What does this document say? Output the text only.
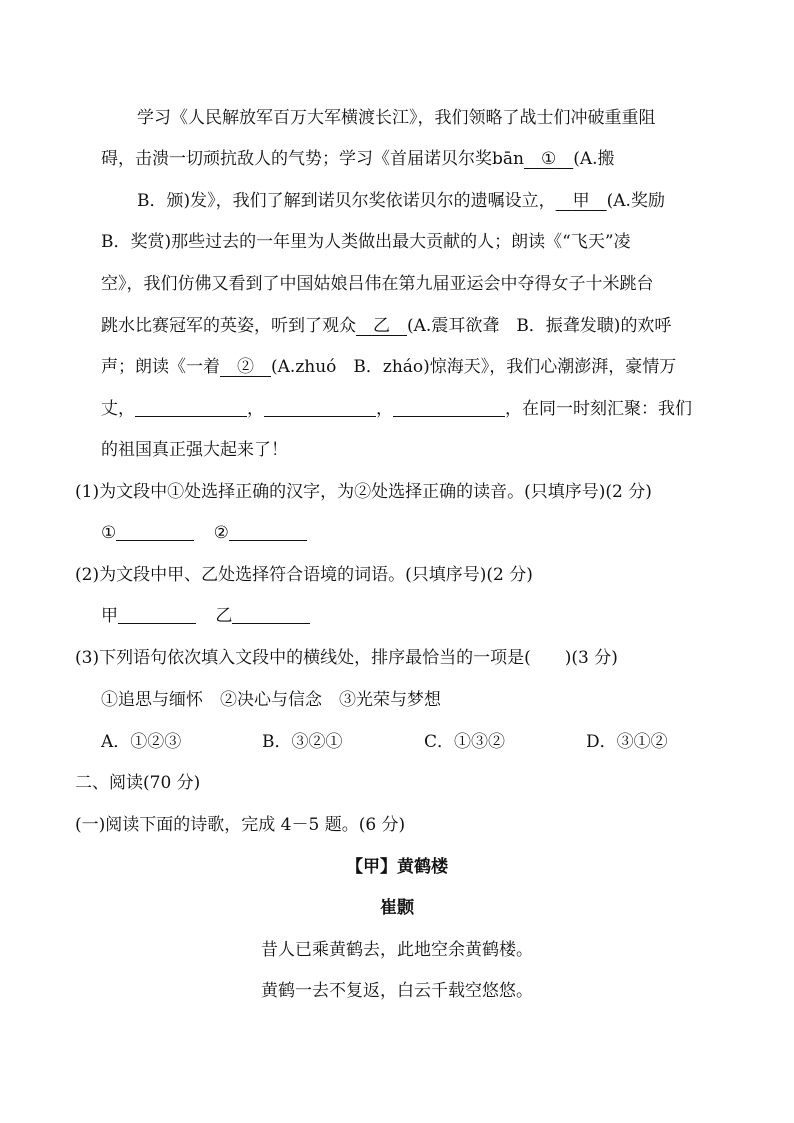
学习《人民解放军百万大军横渡长江》，我们领略了战士们冲破重重阻
碍，击溃一切顽抗敌人的气势；学习《首届诺贝尔奖bān   ①   (A.搬
B．颁)发》，我们了解到诺贝尔奖依诺贝尔的遗嘱设立，   甲   (A.奖励
B．奖赏)那些过去的一年里为人类做出最大贡献的人；朗读《“飞天”凌
空》，我们仿佛又看到了中国姑娘吕伟在第九届亚运会中夺得女子十米跳台
跳水比赛冠军的英姿，听到了观众   乙   (A.震耳欲聋　B．振聋发聩)的欢呼
声；朗读《一着   ②   (A.zhuó　B．zháo)惊海天》，我们心潮澎湃，豪情万
丈，	，	，	，在同一时刻汇聚：我们
的祖国真正强大起来了！
(1)为文段中①处选择正确的汉字，为②处选择正确的读音。(只填序号)(2 分)
①	②
(2)为文段中甲、乙处选择符合语境的词语。(只填序号)(2 分)
甲	乙
(3)下列语句依次填入文段中的横线处，排序最恰当的一项是(　　)(3 分)
①追思与缅怀　②决心与信念　③光荣与梦想
A．①②③	B．③②①	C．①③②	D．③①②
二、阅读(70 分)
(一)阅读下面的诗歌，完成 4－5 题。(6 分)
【甲】黄鹤楼
崔颢
昔人已乘黄鹤去，此地空余黄鹤楼。
黄鹤一去不复返，白云千载空悠悠。
